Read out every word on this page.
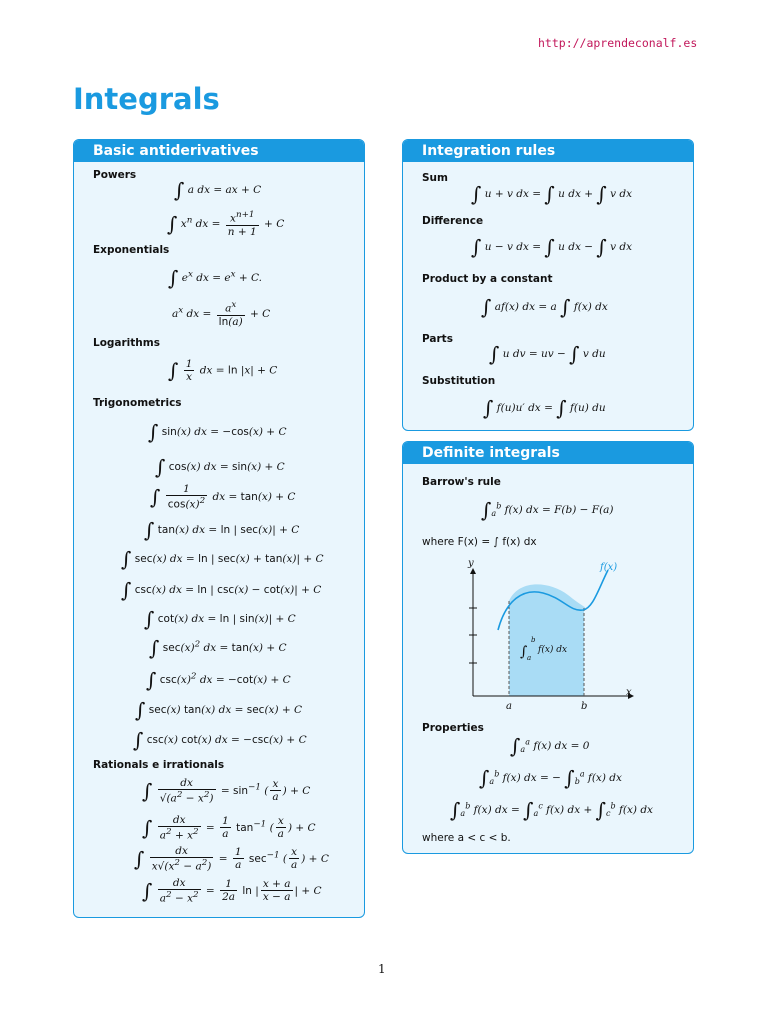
http://aprendeconalf.es
Integrals
Basic antiderivatives
Powers
∫ a dx = ax + C
∫ $x^n$ dx = $\frac{x^{n+1}}{n + 1} + C$
Exponentials
∫ $e^x$ dx = $e^x + C$.
$a^x$ dx = $\frac{a^x}{\ln(a)} + C$
Logarithms
∫ $\frac{1}{x}$ dx = ln |x| + C
Trigonometrics
∫ sin(x) dx = −cos(x) + C
∫ cos(x) dx = sin(x) + C
∫ $\frac{1}{\cos(x)^2}$ dx = tan(x) + C
∫ tan(x) dx = ln | sec(x)| + C
∫ sec(x) dx = ln | sec(x) + tan(x)| + C
∫ csc(x) dx = ln | csc(x) − cot(x)| + C
∫ cot(x) dx = ln | sin(x)| + C
∫ $\sec(x)^2$ dx = tan(x) + C
∫ $\csc(x)^2$ dx = −cot(x) + C
∫ sec(x) tan(x) dx = sec(x) + C
∫ csc(x) cot(x) dx = −csc(x) + C
Rationals e irrationals
∫ $\frac{dx}{√(a^2 - x^2)} = \sin^{-1}$ ( $\frac{x}{a}$ ) + C
∫ $\frac{dx}{a^2 + x^2} = \frac{1}{a} \tan^{-1}$ ( $\frac{x}{a}$ ) + C
∫ $\frac{dx}{x√(x^2 - a^2)} = \frac{1}{a} \sec^{-1}$ ( $\frac{x}{a}$ ) + C
∫ $\frac{dx}{a^2 - x^2} = \frac{1}{2a}$ ln | $\frac{x + a}{x - a}$ | + C
Integration rules
Sum
∫ u + v dx = ∫ u dx + ∫ v dx
Difference
∫ u − v dx = ∫ u dx − ∫ v dx
Product by a constant
∫ af(x) dx = a ∫ f(x) dx
Parts
∫ u dv = uv − ∫ v du
Substitution
∫ f(u)u′ dx = ∫ f(u) du
Definite integrals
Barrow's rule
$\int_a^b$ f(x) dx = F(b) − F(a)
where F(x) = ∫ f(x) dx
f(x)
y
x
a	b
∫ a
b
f(x) dx
Properties
$\int_a^a$ f(x) dx = 0
$\int_a^b$ f(x) dx = − $\int_b^a$ f(x) dx
$\int_a^b$ f(x) dx = $\int_a^c$ f(x) dx + $\int_c^b$ f(x) dx
where a < c < b.
1
